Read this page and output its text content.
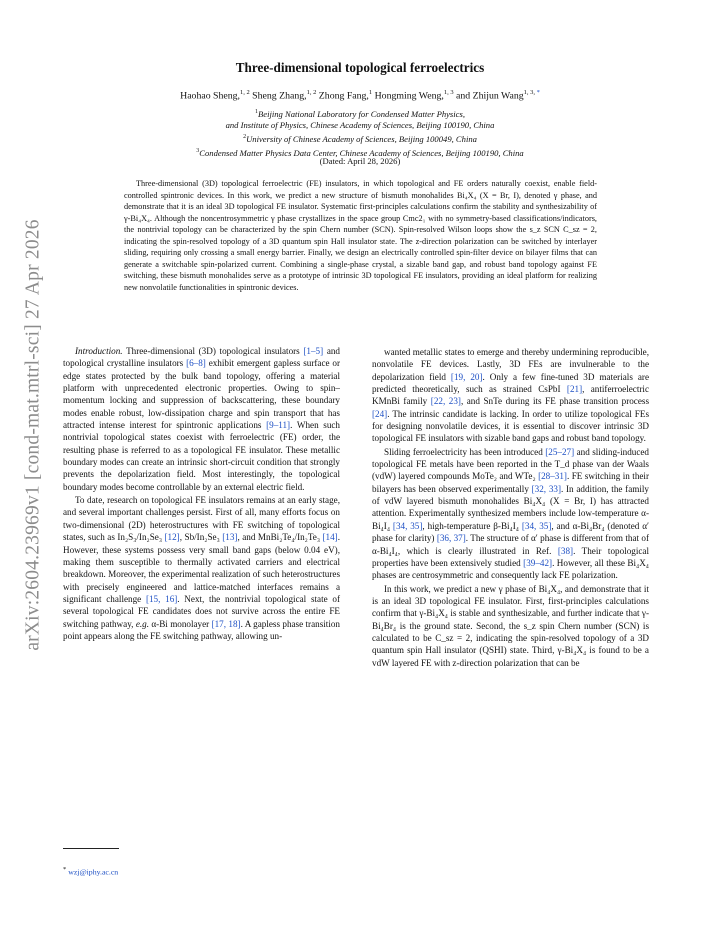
arXiv:2604.23969v1 [cond-mat.mtrl-sci] 27 Apr 2026
Three-dimensional topological ferroelectrics
Haohao Sheng,$^{1, 2}$ Sheng Zhang,$^{1, 2}$ Zhong Fang,$^1$ Hongming Weng,$^{1, 3}$ and Zhijun Wang$^{1, 3,}$ *
$^1$Beijing National Laboratory for Condensed Matter Physics,
and Institute of Physics, Chinese Academy of Sciences, Beijing 100190, China
$^2$University of Chinese Academy of Sciences, Beijing 100049, China
$^3$Condensed Matter Physics Data Center, Chinese Academy of Sciences, Beijing 100190, China
(Dated: April 28, 2026)
Three-dimensional (3D) topological ferroelectric (FE) insulators, in which topological and FE orders naturally coexist, enable field-controlled spintronic devices. In this work, we predict a new structure of bismuth monohalides Bi₄X₄ (X = Br, I), denoted γ phase, and demonstrate that it is an ideal 3D topological FE insulator. Systematic first-principles calculations confirm the stability and synthesizability of γ-Bi₄X₄. Although the noncentrosymmetric γ phase crystallizes in the space group Cmc2₁ with no symmetry-based classifications/indicators, the nontrivial topology can be characterized by the spin Chern number (SCN). Spin-resolved Wilson loops show the s_z SCN C_sz = 2, indicating the spin-resolved topology of a 3D quantum spin Hall insulator state. The z-direction polarization can be switched by interlayer sliding, requiring only crossing a small energy barrier. Finally, we design an electrically controlled spin-filter device on bilayer films that can generate a switchable spin-polarized current. Combining a single-phase crystal, a sizable band gap, and robust band topology against FE switching, these bismuth monohalides serve as a prototype of intrinsic 3D topological FE insulators, providing an ideal platform for realizing new nonvolatile functionalities in spintronic devices.

Introduction. Three-dimensional (3D) topological insulators [1–5] and topological crystalline insulators [6–8] exhibit emergent gapless surface or edge states protected by the bulk band topology, offering a material platform with unprecedented electronic properties. Owing to spin–momentum locking and suppression of backscattering, these boundary modes enable robust, low-dissipation charge and spin transport that has attracted intense interest for spintronic applications [9–11]. When such nontrivial topological states coexist with ferroelectric (FE) order, the resulting phase is referred to as a topological FE insulator. These metallic boundary modes can create an intrinsic short-circuit condition that strongly prevents the depolarization field. Most interestingly, the topological boundary modes become controllable by an external electric field.

To date, research on topological FE insulators remains at an early stage, and several important challenges persist. First of all, many efforts focus on two-dimensional (2D) heterostructures with FE switching of topological states, such as In₂S₃/In₂Se₃ [12], Sb/In₂Se₃ [13], and MnBi₂Te₄/In₂Te₃ [14]. However, these systems possess very small band gaps (below 0.04 eV), making them susceptible to thermally activated carriers and electrical breakdown. Moreover, the experimental realization of such heterostructures with precisely engineered and lattice-matched interfaces remains a significant challenge [15, 16]. Next, the nontrivial topological state of several topological FE candidates does not survive across the entire FE switching pathway, e.g. α-Bi monolayer [17, 18]. A gapless phase transition point appears along the FE switching pathway, allowing un-

wanted metallic states to emerge and thereby undermining reproducible, nonvolatile FE devices. Lastly, 3D FEs are invulnerable to the depolarization field [19, 20]. Only a few fine-tuned 3D materials are predicted theoretically, such as strained CsPbI [21], antiferroelectric KMnBi family [22, 23], and SnTe during its FE phase transition process [24]. The intrinsic candidate is lacking. In order to utilize topological FEs for designing nonvolatile devices, it is essential to discover intrinsic 3D topological FE insulators with sizable band gaps and robust band topology.

Sliding ferroelectricity has been introduced [25–27] and sliding-induced topological FE metals have been reported in the T_d phase van der Waals (vdW) layered compounds MoTe₂ and WTe₂ [28–31]. FE switching in their bilayers has been observed experimentally [32, 33]. In addition, the family of vdW layered bismuth monohalides Bi₄X₄ (X = Br, I) has attracted attention. Experimentally synthesized members include low-temperature α-Bi₄I₄ [34, 35], high-temperature β-Bi₄I₄ [34, 35], and α-Bi₄Br₄ (denoted α′ phase for clarity) [36, 37]. The structure of α′ phase is different from that of α-Bi₄I₄, which is clearly illustrated in Ref. [38]. Their topological properties have been extensively studied [39–42]. However, all these Bi₄X₄ phases are centrosymmetric and consequently lack FE polarization.

In this work, we predict a new γ phase of Bi₄X₄, and demonstrate that it is an ideal 3D topological FE insulator. First, first-principles calculations confirm that γ-Bi₄X₄ is stable and synthesizable, and further indicate that γ-Bi₄Br₄ is the ground state. Second, the s_z spin Chern number (SCN) is calculated to be C_sz = 2, indicating the spin-resolved topology of a 3D quantum spin Hall insulator (QSHI) state. Third, γ-Bi₄X₄ is found to be a vdW layered FE with z-direction polarization that can be

* wzj@iphy.ac.cn
